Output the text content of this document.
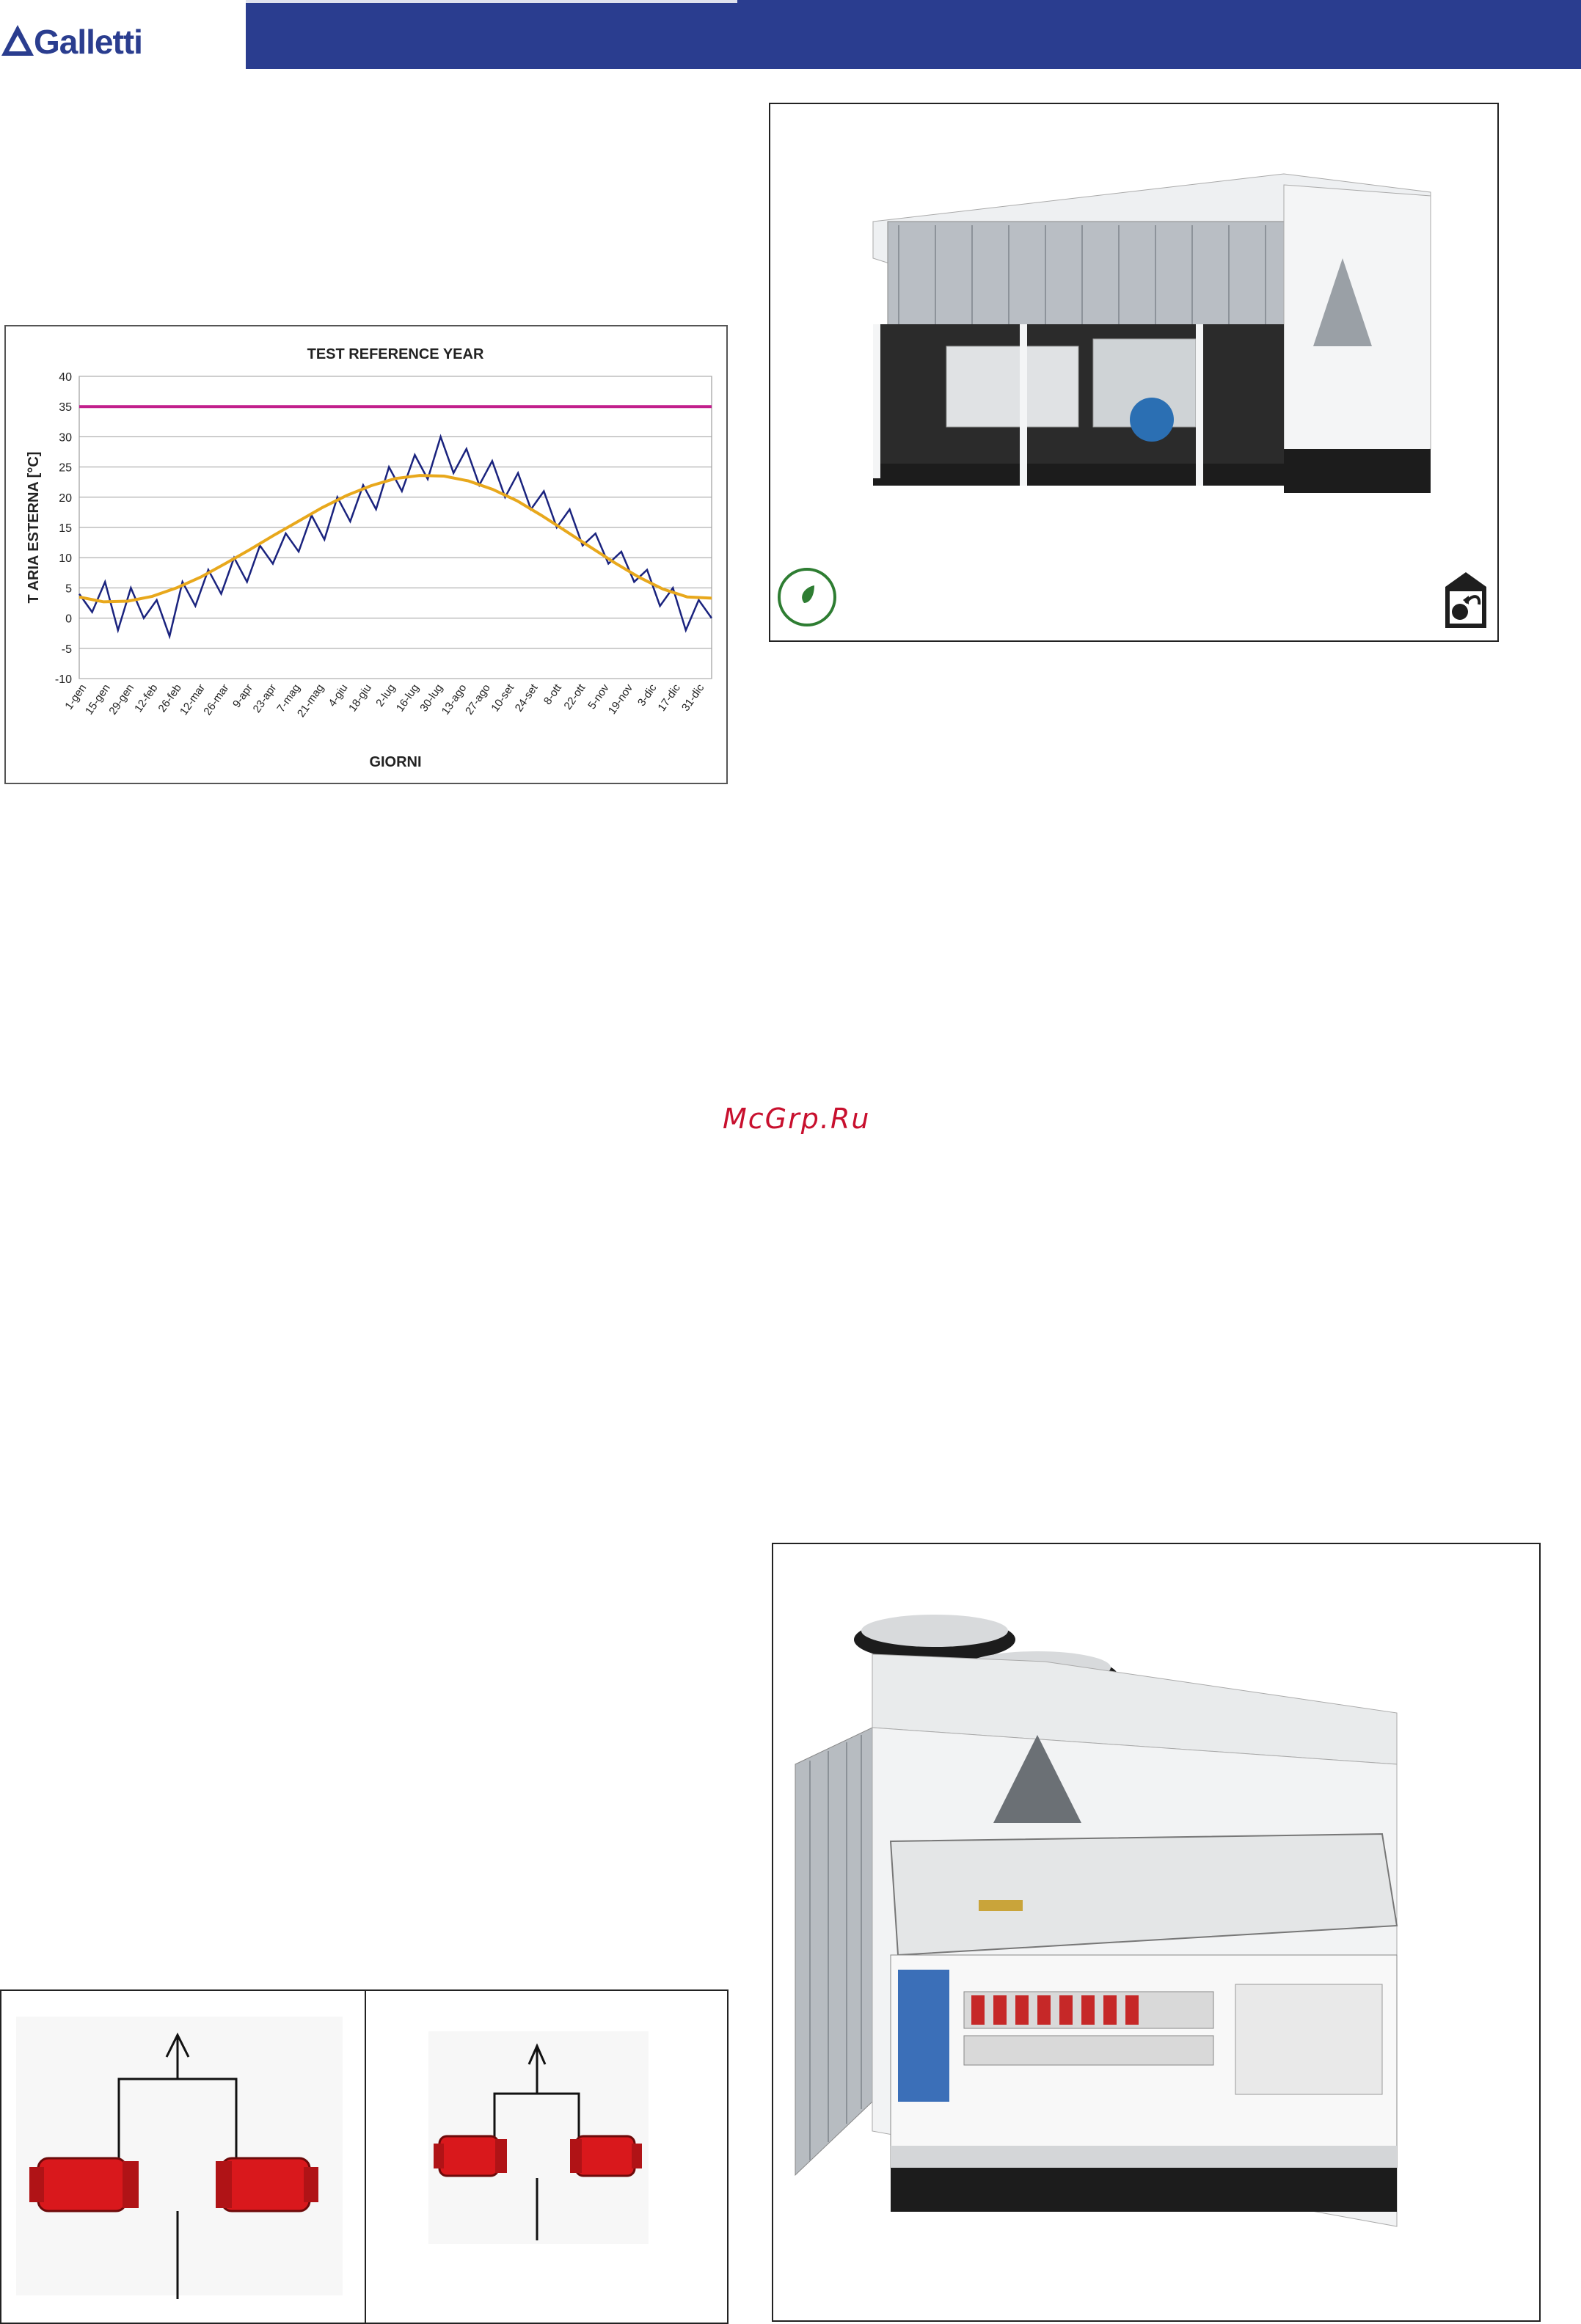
Galletti
-10
-5
0
5
10
15
20
25
30
35
40
1-gen
15-gen
29-gen
12-feb
26-feb
12-mar
26-mar
9-apr
23-apr
7-mag
21-mag 4-giu
18-giu 2-lug
16-lug
30-lug
13-ago
27-ago
10-set
24-set 8-ott
22-ott
5-nov
19-nov 3-dic
17-dic
31-dic
TEST REFERENCE YEAR
GIORNI
T ARIA ESTERNA [°C]
McGrp.Ru
